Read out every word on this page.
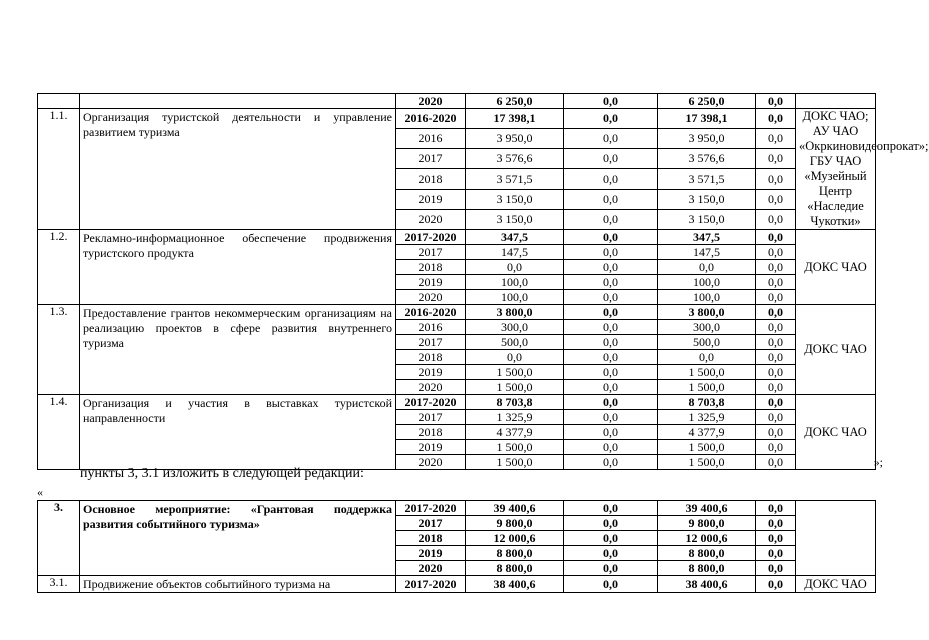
		2020	6 250,0	0,0	6 250,0	0,0	
1.1.	Организация туристской деятельности и управление развитием туризма	2016-2020	17 398,1	0,0	17 398,1	0,0	ДОКС ЧАО; АУ ЧАО «Окркиновидеопрокат»; ГБУ ЧАО «Музейный Центр «Наследие Чукотки»
		2016	3 950,0	0,0	3 950,0	0,0	
		2017	3 576,6	0,0	3 576,6	0,0	
		2018	3 571,5	0,0	3 571,5	0,0	
		2019	3 150,0	0,0	3 150,0	0,0	
		2020	3 150,0	0,0	3 150,0	0,0	
1.2.	Рекламно-информационное обеспечение продвижения туристского продукта	2017-2020	347,5	0,0	347,5	0,0	ДОКС ЧАО
		2017	147,5	0,0	147,5	0,0	
		2018	0,0	0,0	0,0	0,0	
		2019	100,0	0,0	100,0	0,0	
		2020	100,0	0,0	100,0	0,0	
1.3.	Предоставление грантов некоммерческим организациям на реализацию проектов в сфере развития внутреннего туризма	2016-2020	3 800,0	0,0	3 800,0	0,0	ДОКС ЧАО
		2016	300,0	0,0	300,0	0,0	
		2017	500,0	0,0	500,0	0,0	
		2018	0,0	0,0	0,0	0,0	
		2019	1 500,0	0,0	1 500,0	0,0	
		2020	1 500,0	0,0	1 500,0	0,0	
1.4.	Организация и участия в выставках туристской направленности	2017-2020	8 703,8	0,0	8 703,8	0,0	ДОКС ЧАО
		2017	1 325,9	0,0	1 325,9	0,0	
		2018	4 377,9	0,0	4 377,9	0,0	
		2019	1 500,0	0,0	1 500,0	0,0	
		2020	1 500,0	0,0	1 500,0	0,0		»;
пункты 3, 3.1 изложить в следующей редакции:
«
3.	Основное мероприятие: «Грантовая поддержка развития событийного туризма»	2017-2020	39 400,6	0,0	39 400,6	0,0	
		2017	9 800,0	0,0	9 800,0	0,0	
		2018	12 000,6	0,0	12 000,6	0,0	
		2019	8 800,0	0,0	8 800,0	0,0	
		2020	8 800,0	0,0	8 800,0	0,0	
3.1.	Продвижение объектов событийного туризма на	2017-2020	38 400,6	0,0	38 400,6	0,0	ДОКС ЧАО
